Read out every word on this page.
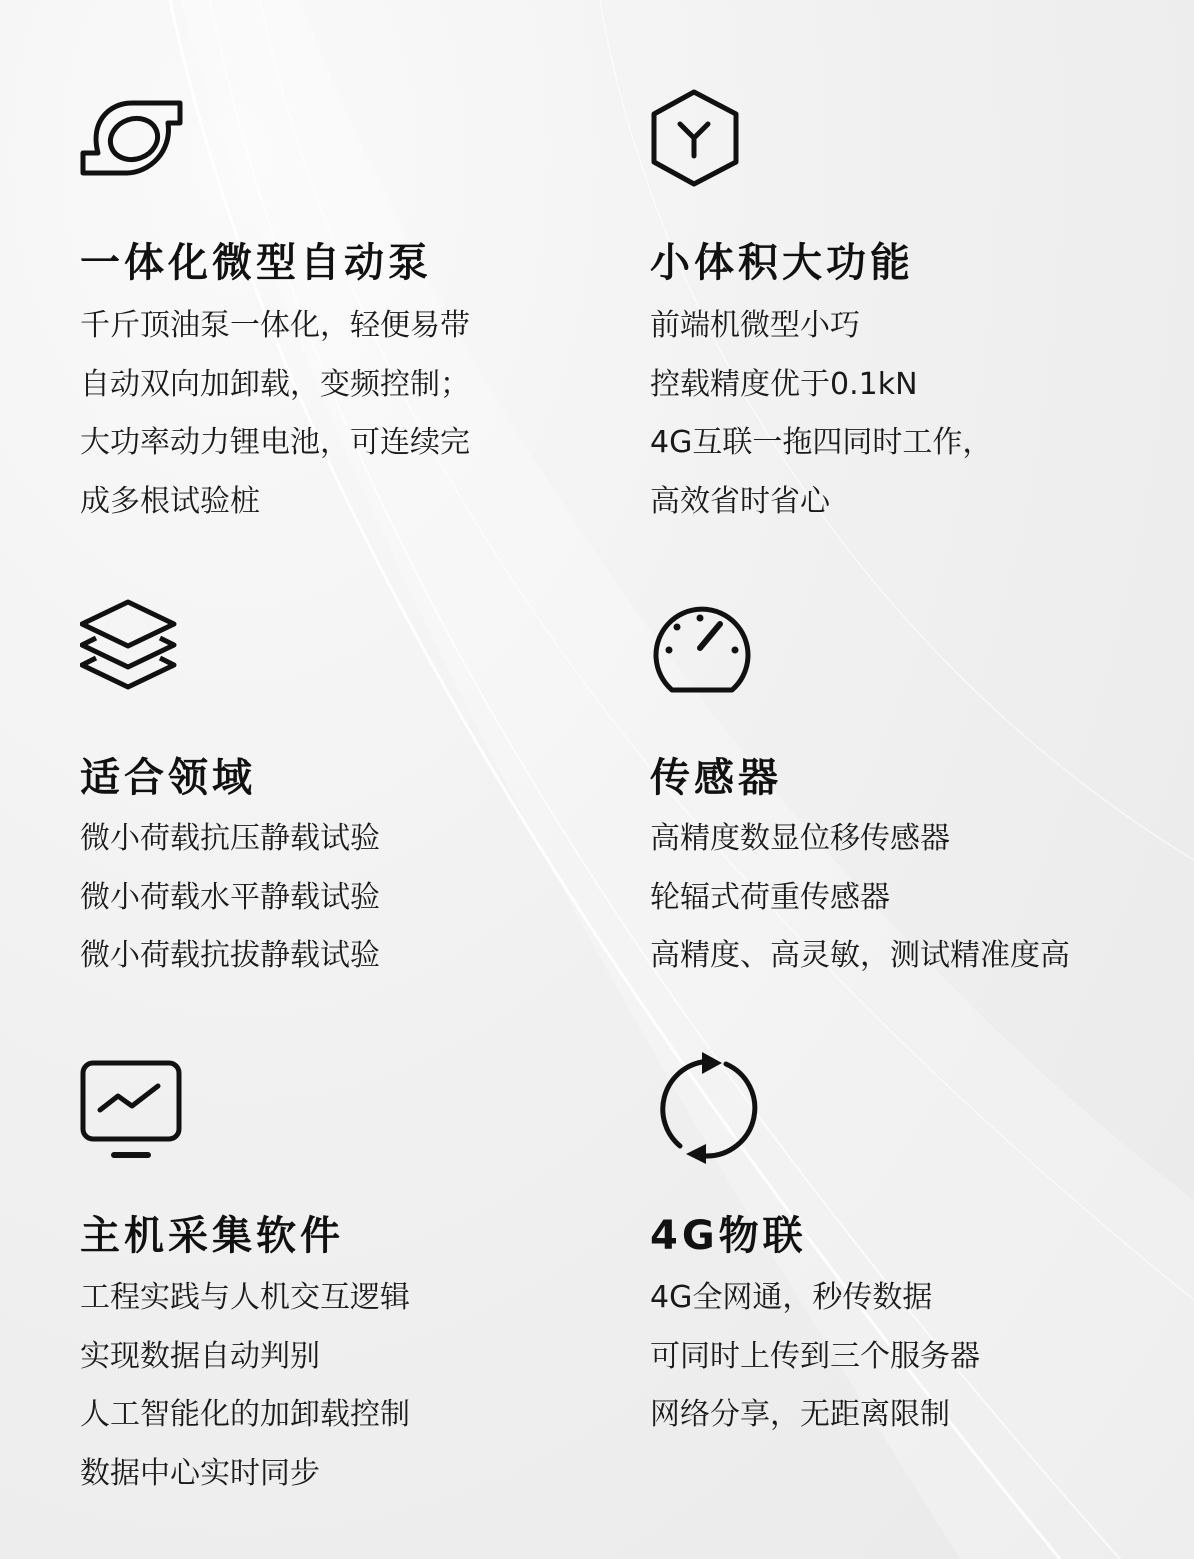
一体化微型自动泵
千斤顶油泵一体化，轻便易带
自动双向加卸载，变频控制；
大功率动力锂电池，可连续完
成多根试验桩
小体积大功能
前端机微型小巧
控载精度优于0.1kN
4G互联一拖四同时工作，
高效省时省心
适合领域
微小荷载抗压静载试验
微小荷载水平静载试验
微小荷载抗拔静载试验
传感器
高精度数显位移传感器
轮辐式荷重传感器
高精度、高灵敏，测试精准度高
主机采集软件
工程实践与人机交互逻辑
实现数据自动判别
人工智能化的加卸载控制
数据中心实时同步
4G物联
4G全网通，秒传数据
可同时上传到三个服务器
网络分享，无距离限制
